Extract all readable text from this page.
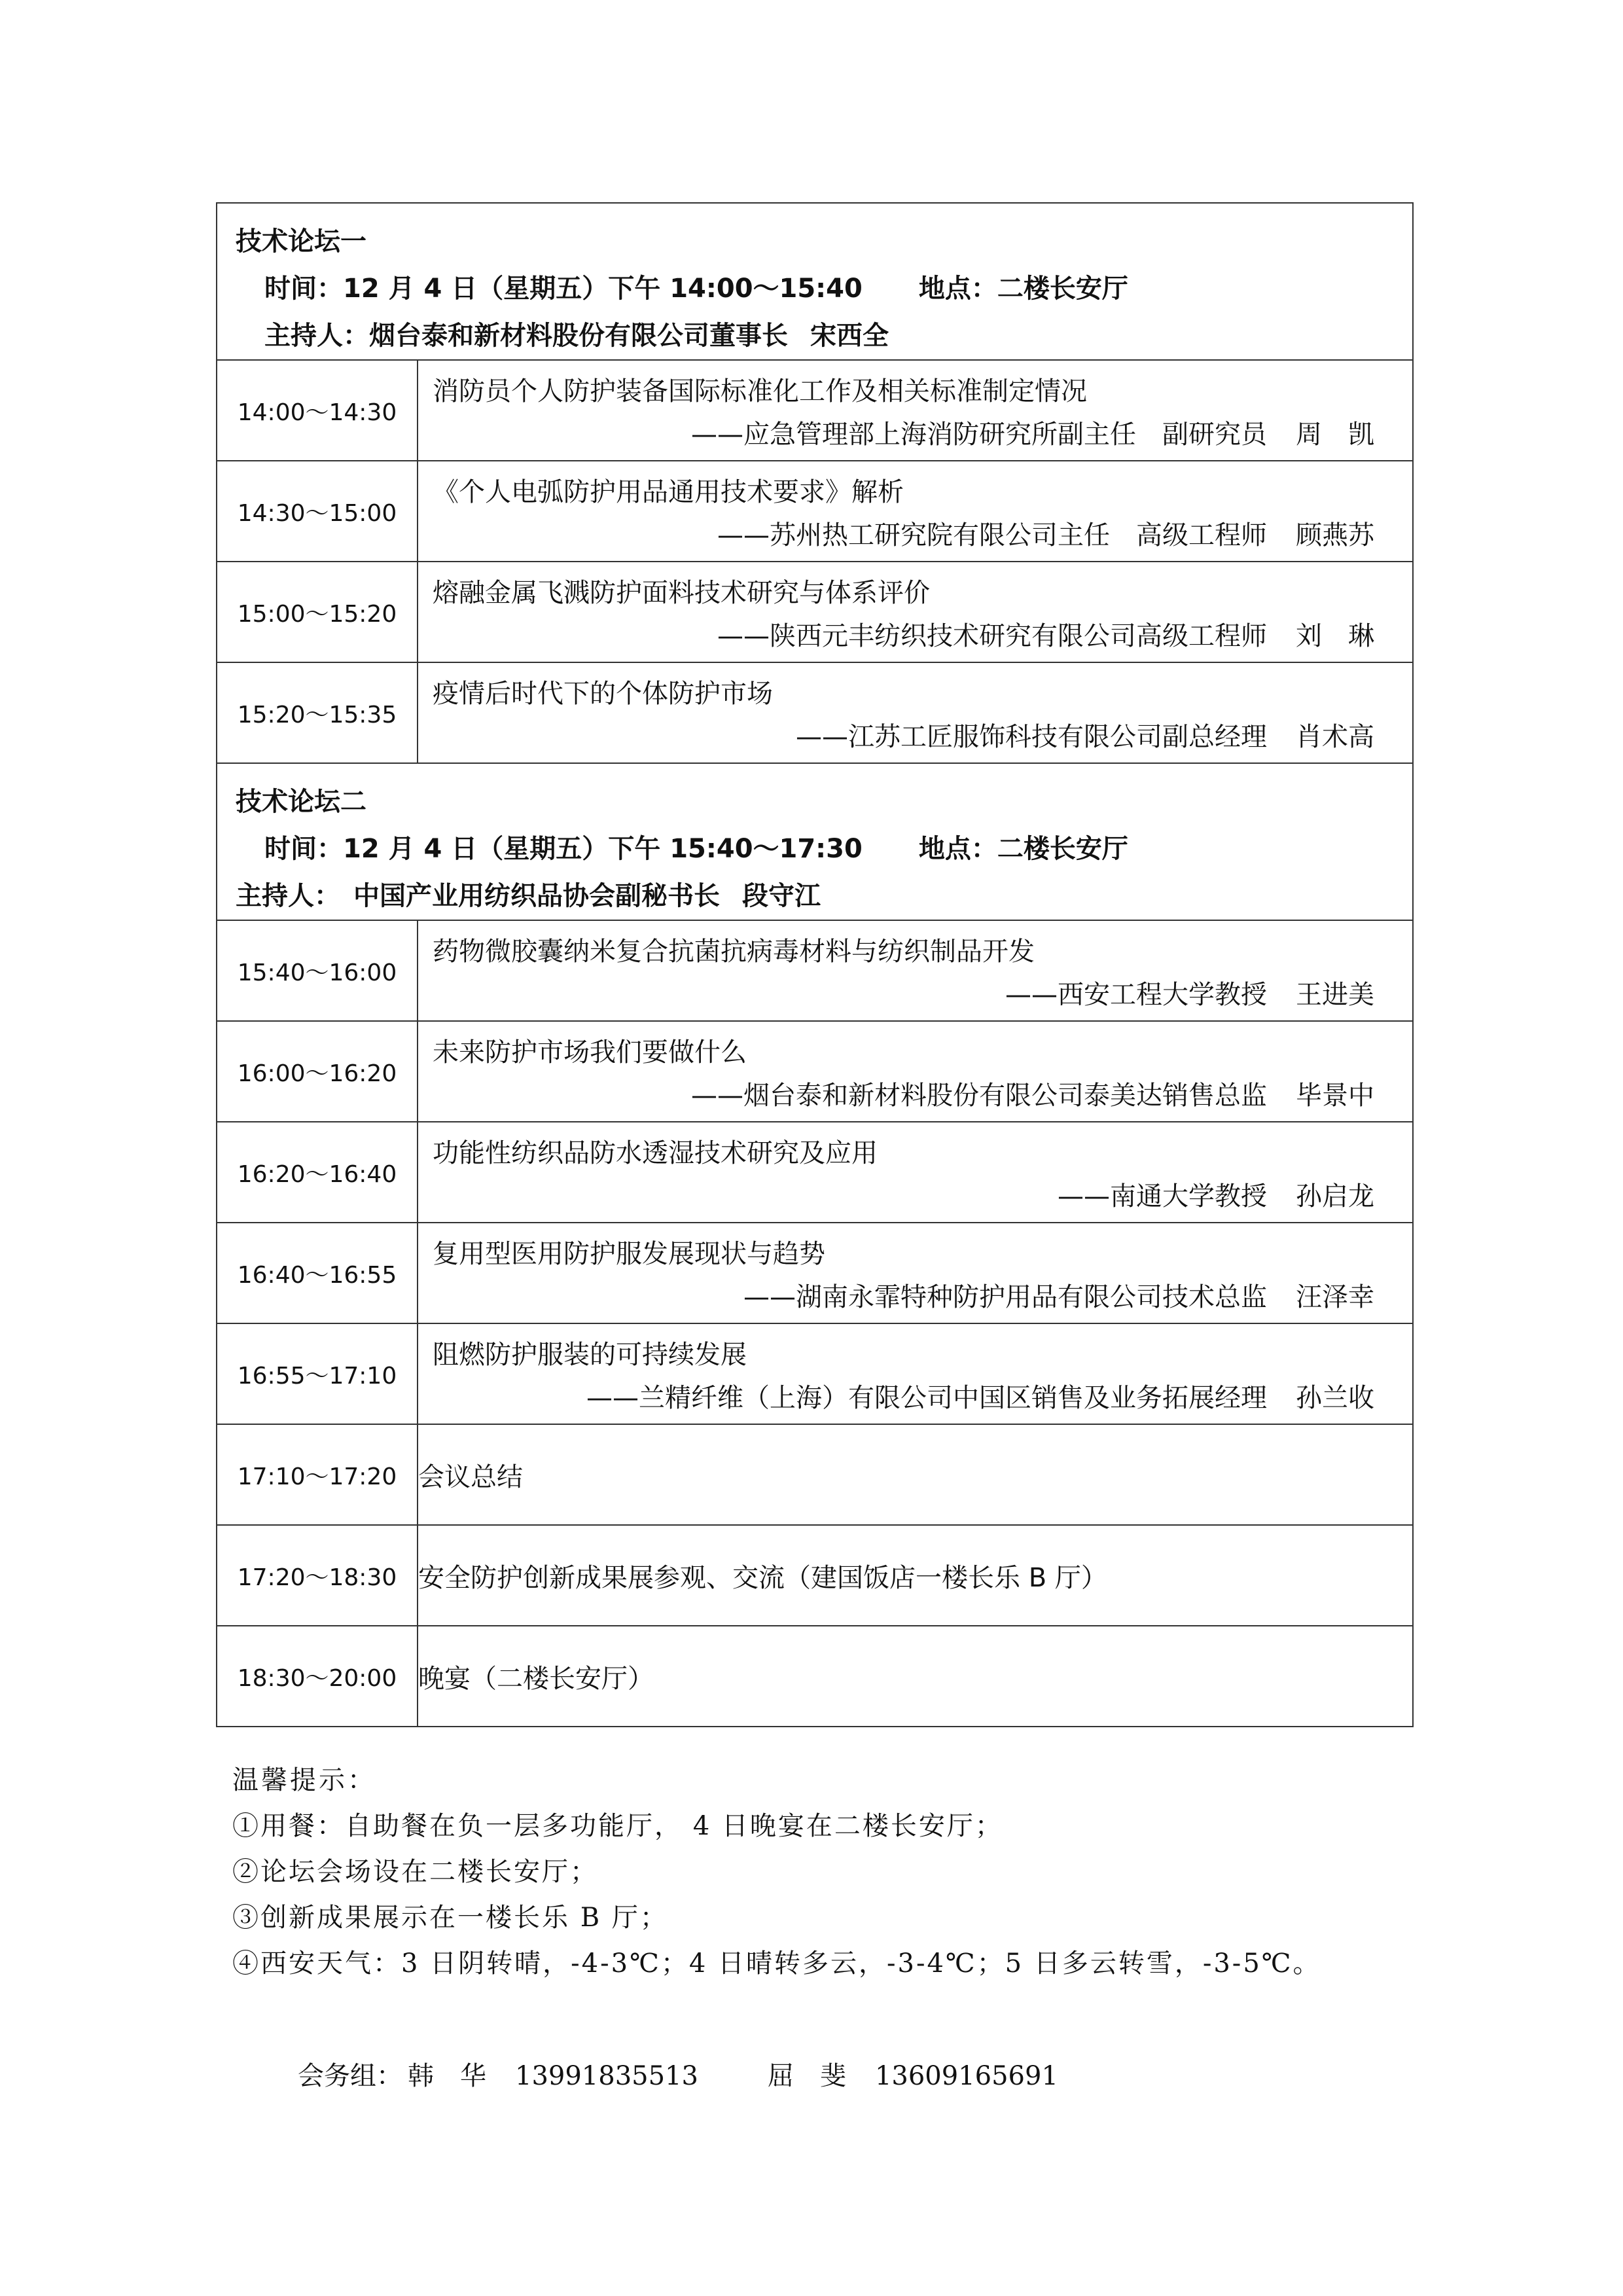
技术论坛一
时间：12 月 4 日（星期五）下午 14:00～15:40 地点：二楼长安厅
主持人：烟台泰和新材料股份有限公司董事长 宋西全	

14:00～14:30	消防员个人防护装备国际标准化工作及相关标准制定情况
——应急管理部上海消防研究所副主任　副研究员 周　凯

14:30～15:00	《个人电弧防护用品通用技术要求》解析
——苏州热工研究院有限公司主任　高级工程师 顾燕苏

15:00～15:20	熔融金属飞溅防护面料技术研究与体系评价
——陕西元丰纺织技术研究有限公司高级工程师 刘　琳

15:20～15:35	疫情后时代下的个体防护市场
——江苏工匠服饰科技有限公司副总经理 肖术高

技术论坛二
时间：12 月 4 日（星期五）下午 15:40～17:30 地点：二楼长安厅
主持人：　中国产业用纺织品协会副秘书长 段守江	

15:40～16:00	药物微胶囊纳米复合抗菌抗病毒材料与纺织制品开发
——西安工程大学教授 王进美

16:00～16:20	未来防护市场我们要做什么
——烟台泰和新材料股份有限公司泰美达销售总监 毕景中

16:20～16:40	功能性纺织品防水透湿技术研究及应用
——南通大学教授 孙启龙

16:40～16:55	复用型医用防护服发展现状与趋势
——湖南永霏特种防护用品有限公司技术总监 汪泽幸

16:55～17:10	阻燃防护服装的可持续发展
——兰精纤维（上海）有限公司中国区销售及业务拓展经理 孙兰收

17:10～17:20	会议总结
17:20～18:30	安全防护创新成果展参观、交流（建国饭店一楼长乐 B 厅）
18:30～20:00	晚宴（二楼长安厅）
温馨提示：
①用餐：自助餐在负一层多功能厅， 4 日晚宴在二楼长安厅；
②论坛会场设在二楼长安厅；
③创新成果展示在一楼长乐 B 厅；
④西安天气：3 日阴转晴，-4-3℃；4 日晴转多云，-3-4℃；5 日多云转雪，-3-5℃。
会务组： 韩　华 13991835513	屈　斐 13609165691
